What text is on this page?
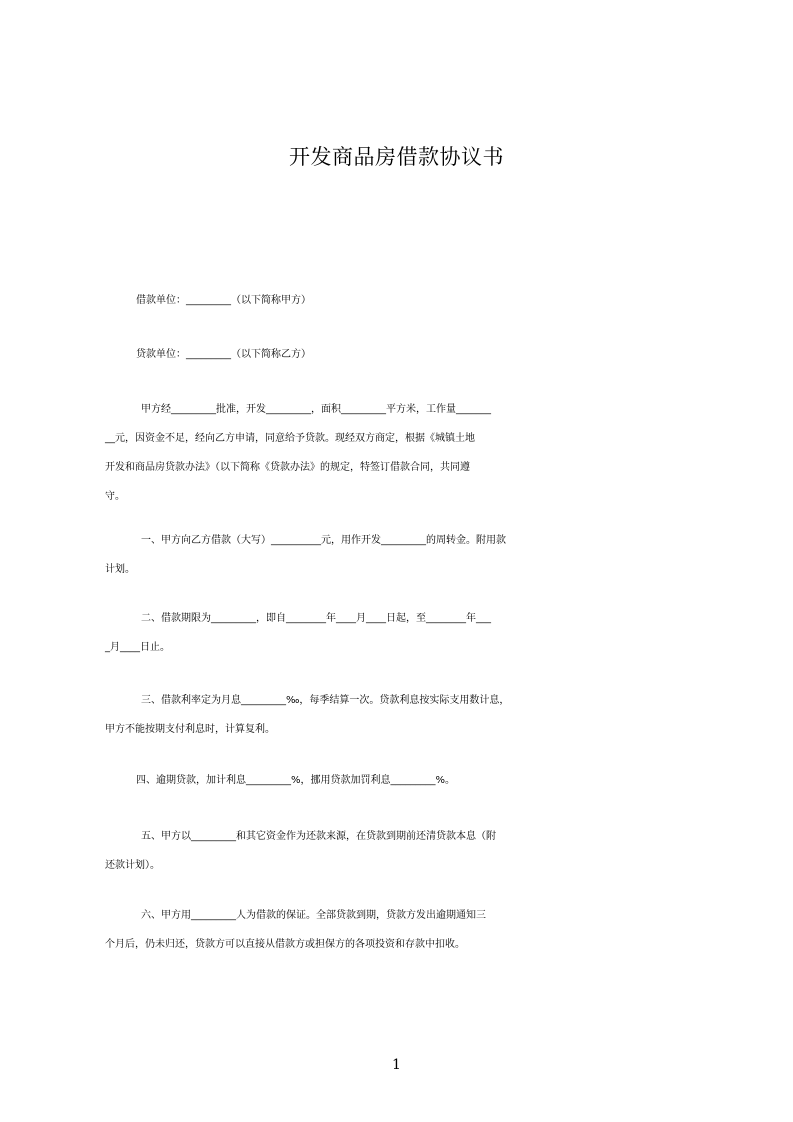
开发商品房借款协议书
借款单位：_________（以下简称甲方）
贷款单位：_________（以下简称乙方）
甲方经_________批准，开发_________，面积_________平方米，工作量_______
__元，因资金不足，经向乙方申请，同意给予贷款。现经双方商定，根据《城镇土地
开发和商品房贷款办法》（以下简称《贷款办法》的规定，特签订借款合同，共同遵
守。
一、甲方向乙方借款（大写）__________元，用作开发_________的周转金。附用款
计划。
二、借款期限为_________，即自________年____月____日起，至________年___
_月____日止。
三、借款利率定为月息_________‰，每季结算一次。贷款利息按实际支用数计息，
甲方不能按期支付利息时，计算复利。
四、逾期贷款，加计利息_________%，挪用贷款加罚利息_________%。
五、甲方以_________和其它资金作为还款来源，在贷款到期前还清贷款本息（附
还款计划）。
六、甲方用_________人为借款的保证。全部贷款到期，贷款方发出逾期通知三
个月后，仍未归还，贷款方可以直接从借款方或担保方的各项投资和存款中扣收。
1
